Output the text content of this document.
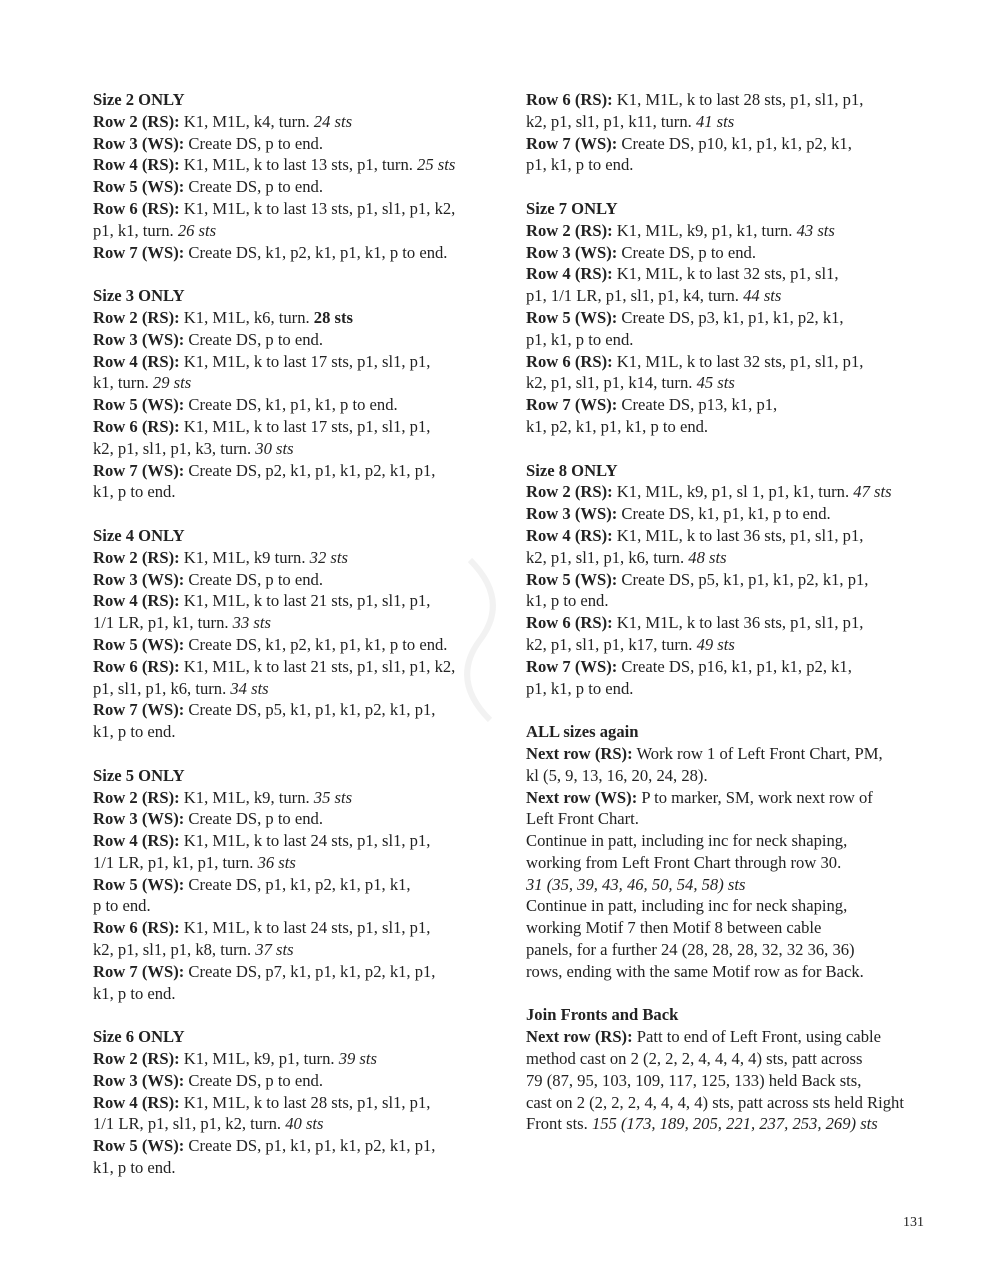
Size 2 ONLY
Row 2 (RS): K1, M1L, k4, turn. 24 sts
Row 3 (WS): Create DS, p to end.
Row 4 (RS): K1, M1L, k to last 13 sts, p1, turn. 25 sts
Row 5 (WS): Create DS, p to end.
Row 6 (RS): K1, M1L, k to last 13 sts, p1, sl1, p1, k2,
p1, k1, turn. 26 sts
Row 7 (WS): Create DS, k1, p2, k1, p1, k1, p to end.
Size 3 ONLY
Row 2 (RS): K1, M1L, k6, turn. 28 sts
Row 3 (WS): Create DS, p to end.
Row 4 (RS): K1, M1L, k to last 17 sts, p1, sl1, p1,
k1, turn. 29 sts
Row 5 (WS): Create DS, k1, p1, k1, p to end.
Row 6 (RS): K1, M1L, k to last 17 sts, p1, sl1, p1,
k2, p1, sl1, p1, k3, turn. 30 sts
Row 7 (WS): Create DS, p2, k1, p1, k1, p2, k1, p1,
k1, p to end.
Size 4 ONLY
Row 2 (RS): K1, M1L, k9 turn. 32 sts
Row 3 (WS): Create DS, p to end.
Row 4 (RS): K1, M1L, k to last 21 sts, p1, sl1, p1,
1/1 LR, p1, k1, turn. 33 sts
Row 5 (WS): Create DS, k1, p2, k1, p1, k1, p to end.
Row 6 (RS): K1, M1L, k to last 21 sts, p1, sl1, p1, k2,
p1, sl1, p1, k6, turn. 34 sts
Row 7 (WS): Create DS, p5, k1, p1, k1, p2, k1, p1,
k1, p to end.
Size 5 ONLY
Row 2 (RS): K1, M1L, k9, turn. 35 sts
Row 3 (WS): Create DS, p to end.
Row 4 (RS): K1, M1L, k to last 24 sts, p1, sl1, p1,
1/1 LR, p1, k1, p1, turn. 36 sts
Row 5 (WS): Create DS, p1, k1, p2, k1, p1, k1,
p to end.
Row 6 (RS): K1, M1L, k to last 24 sts, p1, sl1, p1,
k2, p1, sl1, p1, k8, turn. 37 sts
Row 7 (WS): Create DS, p7, k1, p1, k1, p2, k1, p1,
k1, p to end.
Size 6 ONLY
Row 2 (RS): K1, M1L, k9, p1, turn. 39 sts
Row 3 (WS): Create DS, p to end.
Row 4 (RS): K1, M1L, k to last 28 sts, p1, sl1, p1,
1/1 LR, p1, sl1, p1, k2, turn. 40 sts
Row 5 (WS): Create DS, p1, k1, p1, k1, p2, k1, p1,
k1, p to end.
Row 6 (RS): K1, M1L, k to last 28 sts, p1, sl1, p1,
k2, p1, sl1, p1, k11, turn. 41 sts
Row 7 (WS): Create DS, p10, k1, p1, k1, p2, k1,
p1, k1, p to end.
Size 7 ONLY
Row 2 (RS): K1, M1L, k9, p1, k1, turn. 43 sts
Row 3 (WS): Create DS, p to end.
Row 4 (RS): K1, M1L, k to last 32 sts, p1, sl1,
p1, 1/1 LR, p1, sl1, p1, k4, turn. 44 sts
Row 5 (WS): Create DS, p3, k1, p1, k1, p2, k1,
p1, k1, p to end.
Row 6 (RS): K1, M1L, k to last 32 sts, p1, sl1, p1,
k2, p1, sl1, p1, k14, turn. 45 sts
Row 7 (WS): Create DS, p13, k1, p1,
k1, p2, k1, p1, k1, p to end.
Size 8 ONLY
Row 2 (RS): K1, M1L, k9, p1, sl 1, p1, k1, turn. 47 sts
Row 3 (WS): Create DS, k1, p1, k1, p to end.
Row 4 (RS): K1, M1L, k to last 36 sts, p1, sl1, p1,
k2, p1, sl1, p1, k6, turn. 48 sts
Row 5 (WS): Create DS, p5, k1, p1, k1, p2, k1, p1,
k1, p to end.
Row 6 (RS): K1, M1L, k to last 36 sts, p1, sl1, p1,
k2, p1, sl1, p1, k17, turn. 49 sts
Row 7 (WS): Create DS, p16, k1, p1, k1, p2, k1,
p1, k1, p to end.
ALL sizes again
Next row (RS): Work row 1 of Left Front Chart, PM,
kl (5, 9, 13, 16, 20, 24, 28).
Next row (WS): P to marker, SM, work next row of
Left Front Chart.
Continue in patt, including inc for neck shaping,
working from Left Front Chart through row 30.
31 (35, 39, 43, 46, 50, 54, 58) sts
Continue in patt, including inc for neck shaping,
working Motif 7 then Motif 8 between cable
panels, for a further 24 (28, 28, 28, 32, 32 36, 36)
rows, ending with the same Motif row as for Back.
Join Fronts and Back
Next row (RS): Patt to end of Left Front, using cable
method cast on 2 (2, 2, 2, 4, 4, 4, 4) sts, patt across
79 (87, 95, 103, 109, 117, 125, 133) held Back sts,
cast on 2 (2, 2, 2, 4, 4, 4, 4) sts, patt across sts held Right
Front sts. 155 (173, 189, 205, 221, 237, 253, 269) sts
131
